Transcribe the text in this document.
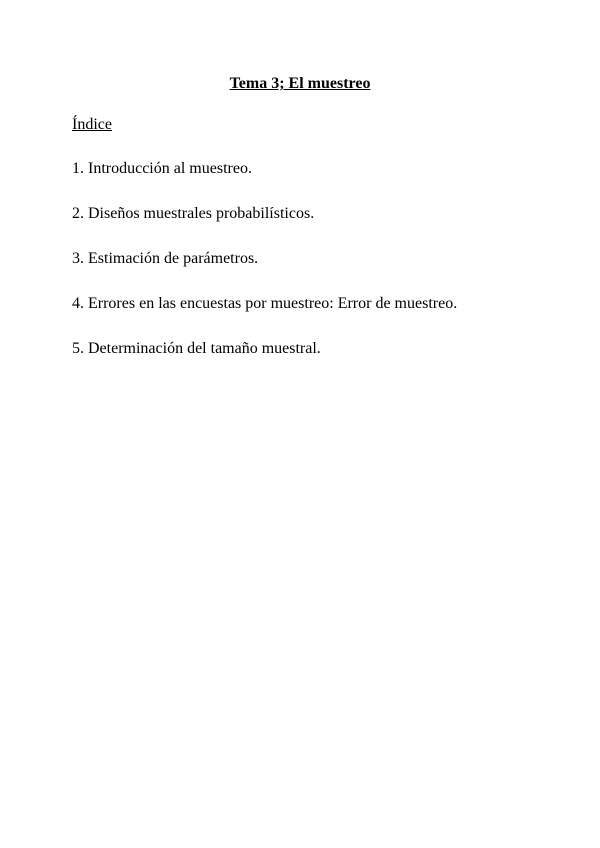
Tema 3; El muestreo
Índice
1. Introducción al muestreo.
2. Diseños muestrales probabilísticos.
3. Estimación de parámetros.
4. Errores en las encuestas por muestreo: Error de muestreo.
5. Determinación del tamaño muestral.
